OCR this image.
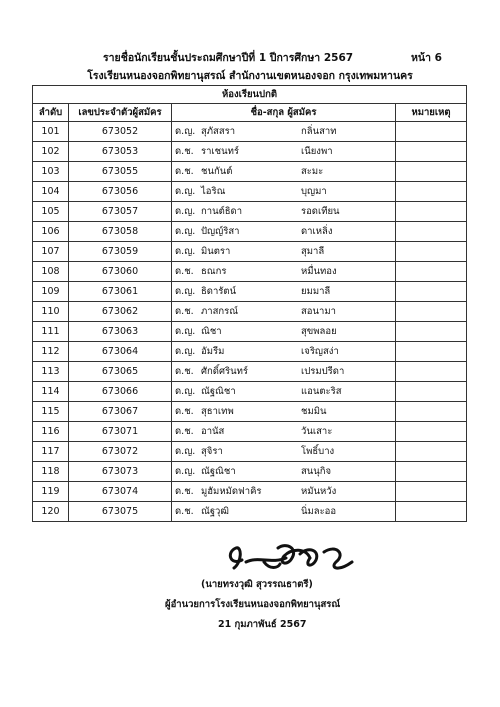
รายชื่อนักเรียนชั้นประถมศึกษาปีที่ 1 ปีการศึกษา 2567	หน้า 6
โรงเรียนหนองจอกพิทยานุสรณ์ สำนักงานเขตหนองจอก กรุงเทพมหานคร
ห้องเรียนปกติ			
ลำดับ	เลขประจำตัวผู้สมัคร	ชื่อ-สกุล ผู้สมัคร	หมายเหตุ
101	673052	ด.ญ. สุภัสสรา กลิ่นสาท	
102	673053	ด.ช. ราเชนทร์ เนียงพา	
103	673055	ด.ช. ชนกันต์ สะมะ	
104	673056	ด.ญ. ไอริณ บุญมา	
105	673057	ด.ญ. กานต์ธิดา รอดเทียน	
106	673058	ด.ญ. ปัญญ์ริสา ดาเหลิ่ง	
107	673059	ด.ญ. มินตรา สุมาลี	
108	673060	ด.ช. ธณกร หมื่นทอง	
109	673061	ด.ญ. ธิดารัตน์ ยมมาลี	
110	673062	ด.ช. ภาสกรณ์ สอนามา	
111	673063	ด.ญ. ณิชา สุขพลอย	
112	673064	ด.ญ. อัมรีม เจริญสง่า	
113	673065	ด.ช. ศักดิ์ศรินทร์ เปรมปรีดา	
114	673066	ด.ญ. ณัฐณิชา แอนตะริส	
115	673067	ด.ช. สุธาเทพ ชมมิน	
116	673071	ด.ช. อานัส วันเสาะ	
117	673072	ด.ญ. สุจิรา โพธิ์บาง	
118	673073	ด.ญ. ณัฐณิชา สนนุกิจ	
119	673074	ด.ช. มูฮัมหมัดฟาคิร หมันหวัง	
120	673075	ด.ช. ณัฐวุฒิ นิ่มละออ	
(นายทรงวุฒิ สุวรรณธาตรี)
ผู้อำนวยการโรงเรียนหนองจอกพิทยานุสรณ์
21 กุมภาพันธ์ 2567
